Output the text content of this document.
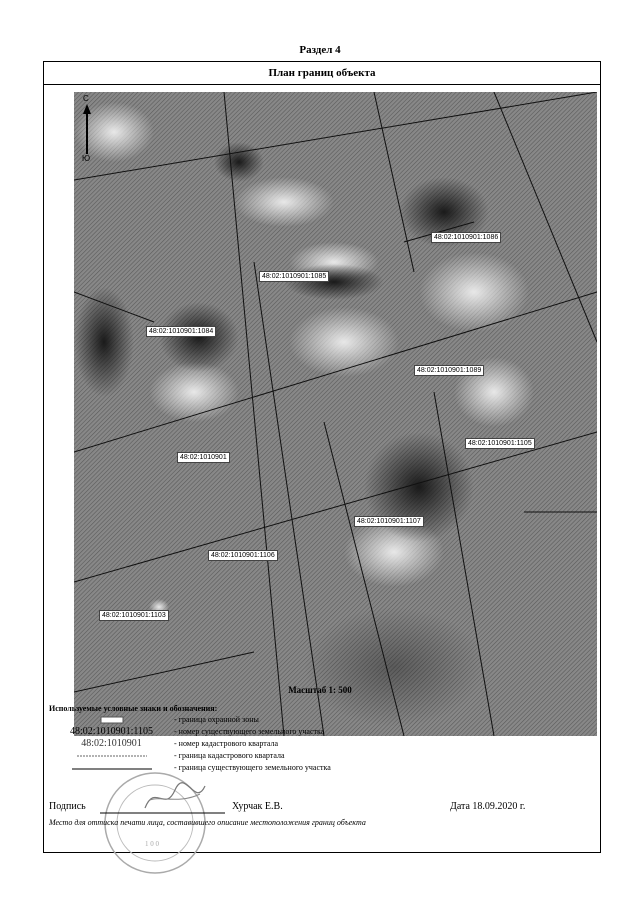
Раздел 4
План границ объекта
С
Ю
48:02:1010901:1086
48:02:1010901:1085
48:02:1010901:1084
48:02:1010901:1089
48:02:1010901
48:02:1010901:1105
48:02:1010901:1107
48:02:1010901:1106
48:02:1010901:1103
Масштаб 1: 500
Используемые условные знаки и обозначения:
- граница охранной зоны
48:02:1010901:1105	- номер существующего земельного участка
48:02:1010901	- номер кадастрового квартала
- граница кадастрового квартала
- граница существующего земельного участка
1 0 0
Подпись	Хурчак Е.В.	Дата 18.09.2020 г.
Место для оттиска печати лица, составившего описание местоположения границ объекта
